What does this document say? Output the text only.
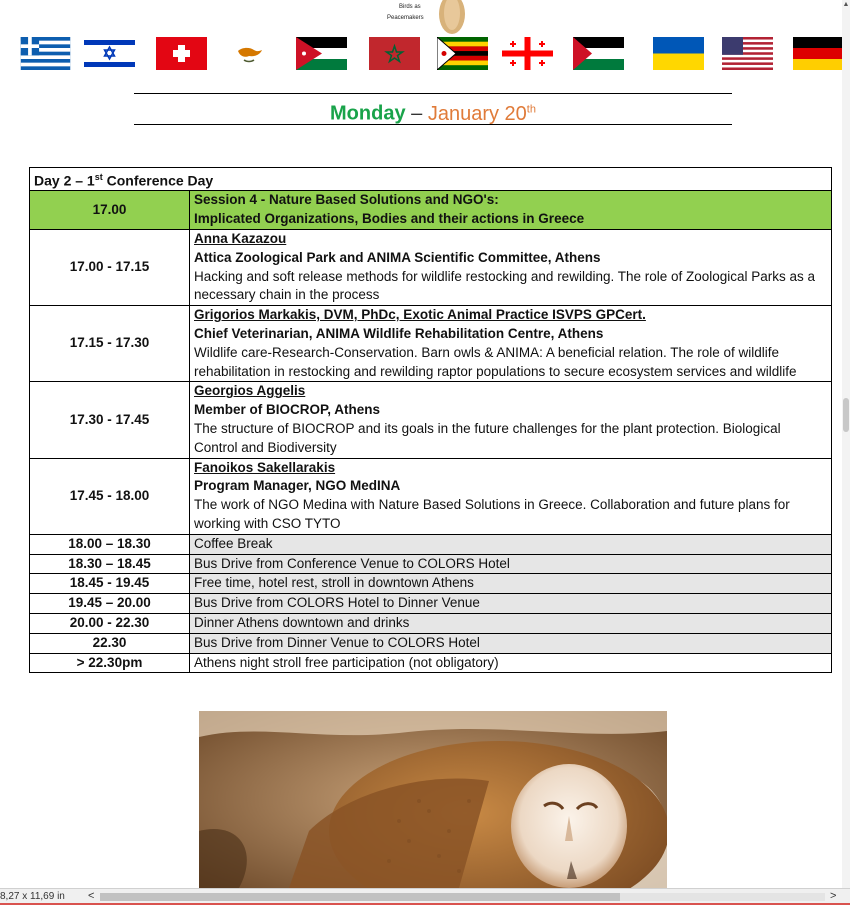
Birds as
Peacemakers
Monday – January 20th
Day 2 – 1st Conference Day	
17.00	Session 4 - Nature Based Solutions and NGO's:
Implicated Organizations, Bodies and their actions in Greece

17.00 - 17.15	Anna Kazazou
Attica Zoological Park and ANIMA Scientific Committee, Athens
Hacking and soft release methods for wildlife restocking and rewilding. The role of Zoological Parks as a necessary chain in the process

17.15 - 17.30	Grigorios Markakis, DVM, PhDc, Exotic Animal Practice ISVPS GPCert.
Chief Veterinarian, ANIMA Wildlife Rehabilitation Centre, Athens
Wildlife care-Research-Conservation. Barn owls & ANIMA: A beneficial relation. The role of wildlife rehabilitation in restocking and rewilding raptor populations to secure ecosystem services and wildlife

17.30 - 17.45	Georgios Aggelis
Member of BIOCROP, Athens
The structure of BIOCROP and its goals in the future challenges for the plant protection. Biological Control and Biodiversity

17.45 - 18.00	Fanoikos Sakellarakis
Program Manager, NGO MedINA
The work of NGO Medina with Nature Based Solutions in Greece. Collaboration and future plans for working with CSO TYTO

18.00 – 18.30	Coffee Break
18.30 – 18.45	Bus Drive from Conference Venue to COLORS Hotel
18.45 - 19.45	Free time, hotel rest, stroll in downtown Athens
19.45 – 20.00	Bus Drive from COLORS Hotel to Dinner Venue
20.00 - 22.30	Dinner Athens downtown and drinks
22.30	Bus Drive from Dinner Venue to COLORS Hotel
> 22.30pm	Athens night stroll free participation (not obligatory)
▲
8,27 x 11,69 in <	>
